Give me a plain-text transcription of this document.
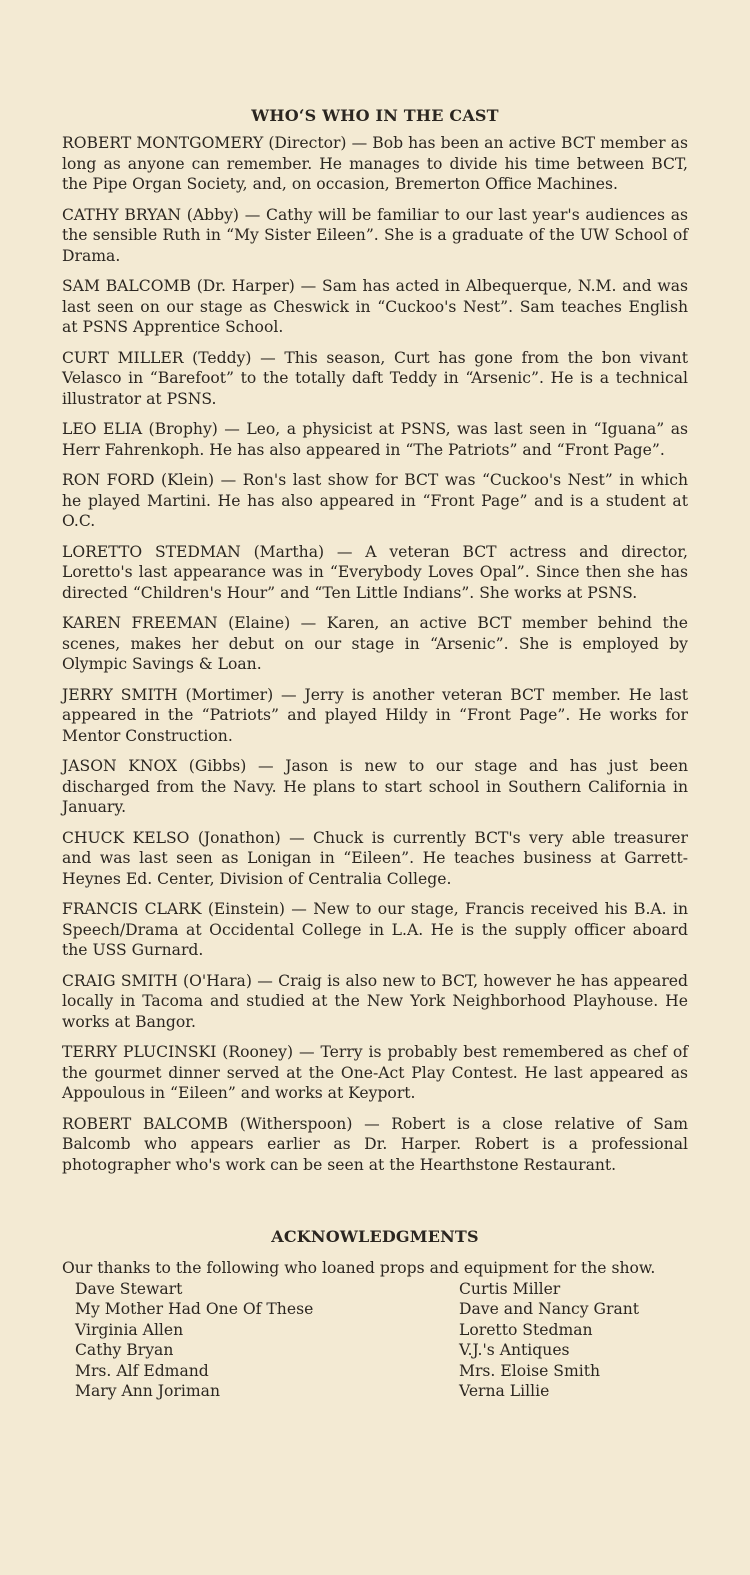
WHO‘S WHO IN THE CAST

ROBERT MONTGOMERY (Director) — Bob has been an active BCT member as long as anyone can remember. He manages to divide his time between BCT, the Pipe Organ Society, and, on occasion, Bremerton Office Machines.

CATHY BRYAN (Abby) — Cathy will be familiar to our last year's audiences as the sensible Ruth in “My Sister Eileen”. She is a graduate of the UW School of Drama.

SAM BALCOMB (Dr. Harper) — Sam has acted in Albequerque, N.M. and was last seen on our stage as Cheswick in “Cuckoo's Nest”. Sam teaches English at PSNS Apprentice School.

CURT MILLER (Teddy) — This season, Curt has gone from the bon vivant Velasco in “Barefoot” to the totally daft Teddy in “Arsenic”. He is a technical illustrator at PSNS.

LEO ELIA (Brophy) — Leo, a physicist at PSNS, was last seen in “Iguana” as Herr Fahrenkoph. He has also appeared in “The Patriots” and “Front Page”.

RON FORD (Klein) — Ron's last show for BCT was “Cuckoo's Nest” in which he played Martini. He has also appeared in “Front Page” and is a student at O.C.

LORETTO STEDMAN (Martha) — A veteran BCT actress and director, Loretto's last appearance was in “Everybody Loves Opal”. Since then she has directed “Children's Hour” and “Ten Little Indians”. She works at PSNS.

KAREN FREEMAN (Elaine) — Karen, an active BCT member behind the scenes, makes her debut on our stage in “Arsenic”. She is employed by Olympic Savings & Loan.

JERRY SMITH (Mortimer) — Jerry is another veteran BCT member. He last appeared in the “Patriots” and played Hildy in “Front Page”. He works for Mentor Construction.

JASON KNOX (Gibbs) — Jason is new to our stage and has just been discharged from the Navy. He plans to start school in Southern California in January.

CHUCK KELSO (Jonathon) — Chuck is currently BCT's very able treasurer and was last seen as Lonigan in “Eileen”. He teaches business at Garrett-Heynes Ed. Center, Division of Centralia College.

FRANCIS CLARK (Einstein) — New to our stage, Francis received his B.A. in Speech/Drama at Occidental College in L.A. He is the supply officer aboard the USS Gurnard.

CRAIG SMITH (O'Hara) — Craig is also new to BCT, however he has appeared locally in Tacoma and studied at the New York Neighborhood Playhouse. He works at Bangor.

TERRY PLUCINSKI (Rooney) — Terry is probably best remembered as chef of the gourmet dinner served at the One-Act Play Contest. He last appeared as Appoulous in “Eileen” and works at Keyport.

ROBERT BALCOMB (Witherspoon) — Robert is a close relative of Sam Balcomb who appears earlier as Dr. Harper. Robert is a professional photographer who's work can be seen at the Hearthstone Restaurant.

ACKNOWLEDGMENTS

Our thanks to the following who loaned props and equipment for the show.

Dave Stewart
My Mother Had One Of These
Virginia Allen
Cathy Bryan
Mrs. Alf Edmand
Mary Ann Joriman
Curtis Miller
Dave and Nancy Grant
Loretto Stedman
V.J.'s Antiques
Mrs. Eloise Smith
Verna Lillie
